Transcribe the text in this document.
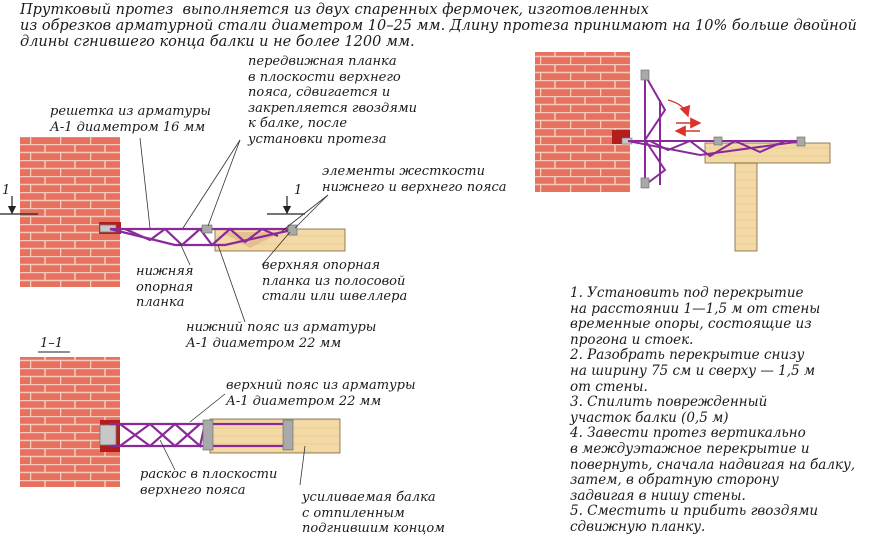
Прутковый протез  выполняется из двух спаренных фермочек, изготовленных
из обрезков арматурной стали диаметром 10–25 мм. Длину протеза принимают на 10% больше двойной
длины сгнившего конца балки и не более 1200 мм.
1	1
1–1
решетка из арматуры
А-1 диаметром 16 мм
передвижная планка
в плоскости верхнего
пояса, сдвигается и
закрепляется гвоздями
к балке, после
установки протеза
элементы жесткости
нижнего и верхнего пояса
нижняя
опорная
планка
верхняя опорная
планка из полосовой
стали или швеллера
нижний пояс из арматуры
А-1 диаметром 22 мм
верхний пояс из арматуры
А-1 диаметром 22 мм
раскос в плоскости
верхнего пояса	усиливаемая балка
с отпиленным
подгнившим концом
1. Установить под перекрытие
на расстоянии 1—1,5 м от стены
временные опоры, состоящие из
прогона и стоек.
2. Разобрать перекрытие снизу
на ширину 75 см и сверху — 1,5 м
от стены.
3. Спилить поврежденный
участок балки (0,5 м)
4. Завести протез вертикально
в междуэтажное перекрытие и
повернуть, сначала надвигая на балку,
затем, в обратную сторону
задвигая в нишу стены.
5. Сместить и прибить гвоздями
сдвижную планку.
